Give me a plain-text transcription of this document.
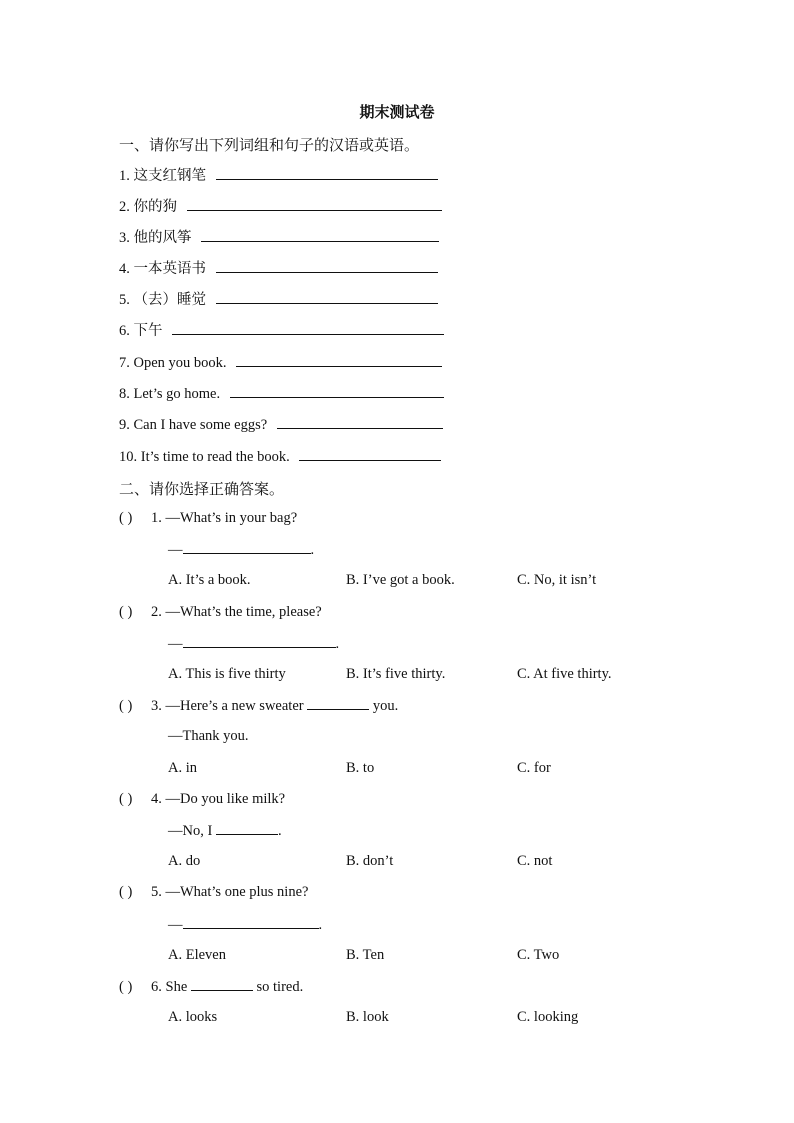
期末测试卷
一、请你写出下列词组和句子的汉语或英语。
1. 这支红钢笔
2. 你的狗
3. 他的风筝
4. 一本英语书
5. （去）睡觉
6. 下午
7. Open you book.
8. Let’s go home.
9. Can I have some eggs?
10. It’s time to read the book.
二、请你选择正确答案。
( ) 1. —What’s in your bag?
—	.
A. It’s a book.	B. I’ve got a book.	C. No, it isn’t
( ) 2. —What’s the time, please?
—	.
A. This is five thirty	B. It’s five thirty.	C. At five thirty.
( ) 3. —Here’s a new sweater	you.
—Thank you.
A. in	B. to	C. for
( ) 4. —Do you like milk?
—No, I	.
A. do	B. don’t	C. not
( ) 5. —What’s one plus nine?
—	.
A. Eleven	B. Ten	C. Two
( ) 6. She	so tired.
A. looks	B. look	C. looking
